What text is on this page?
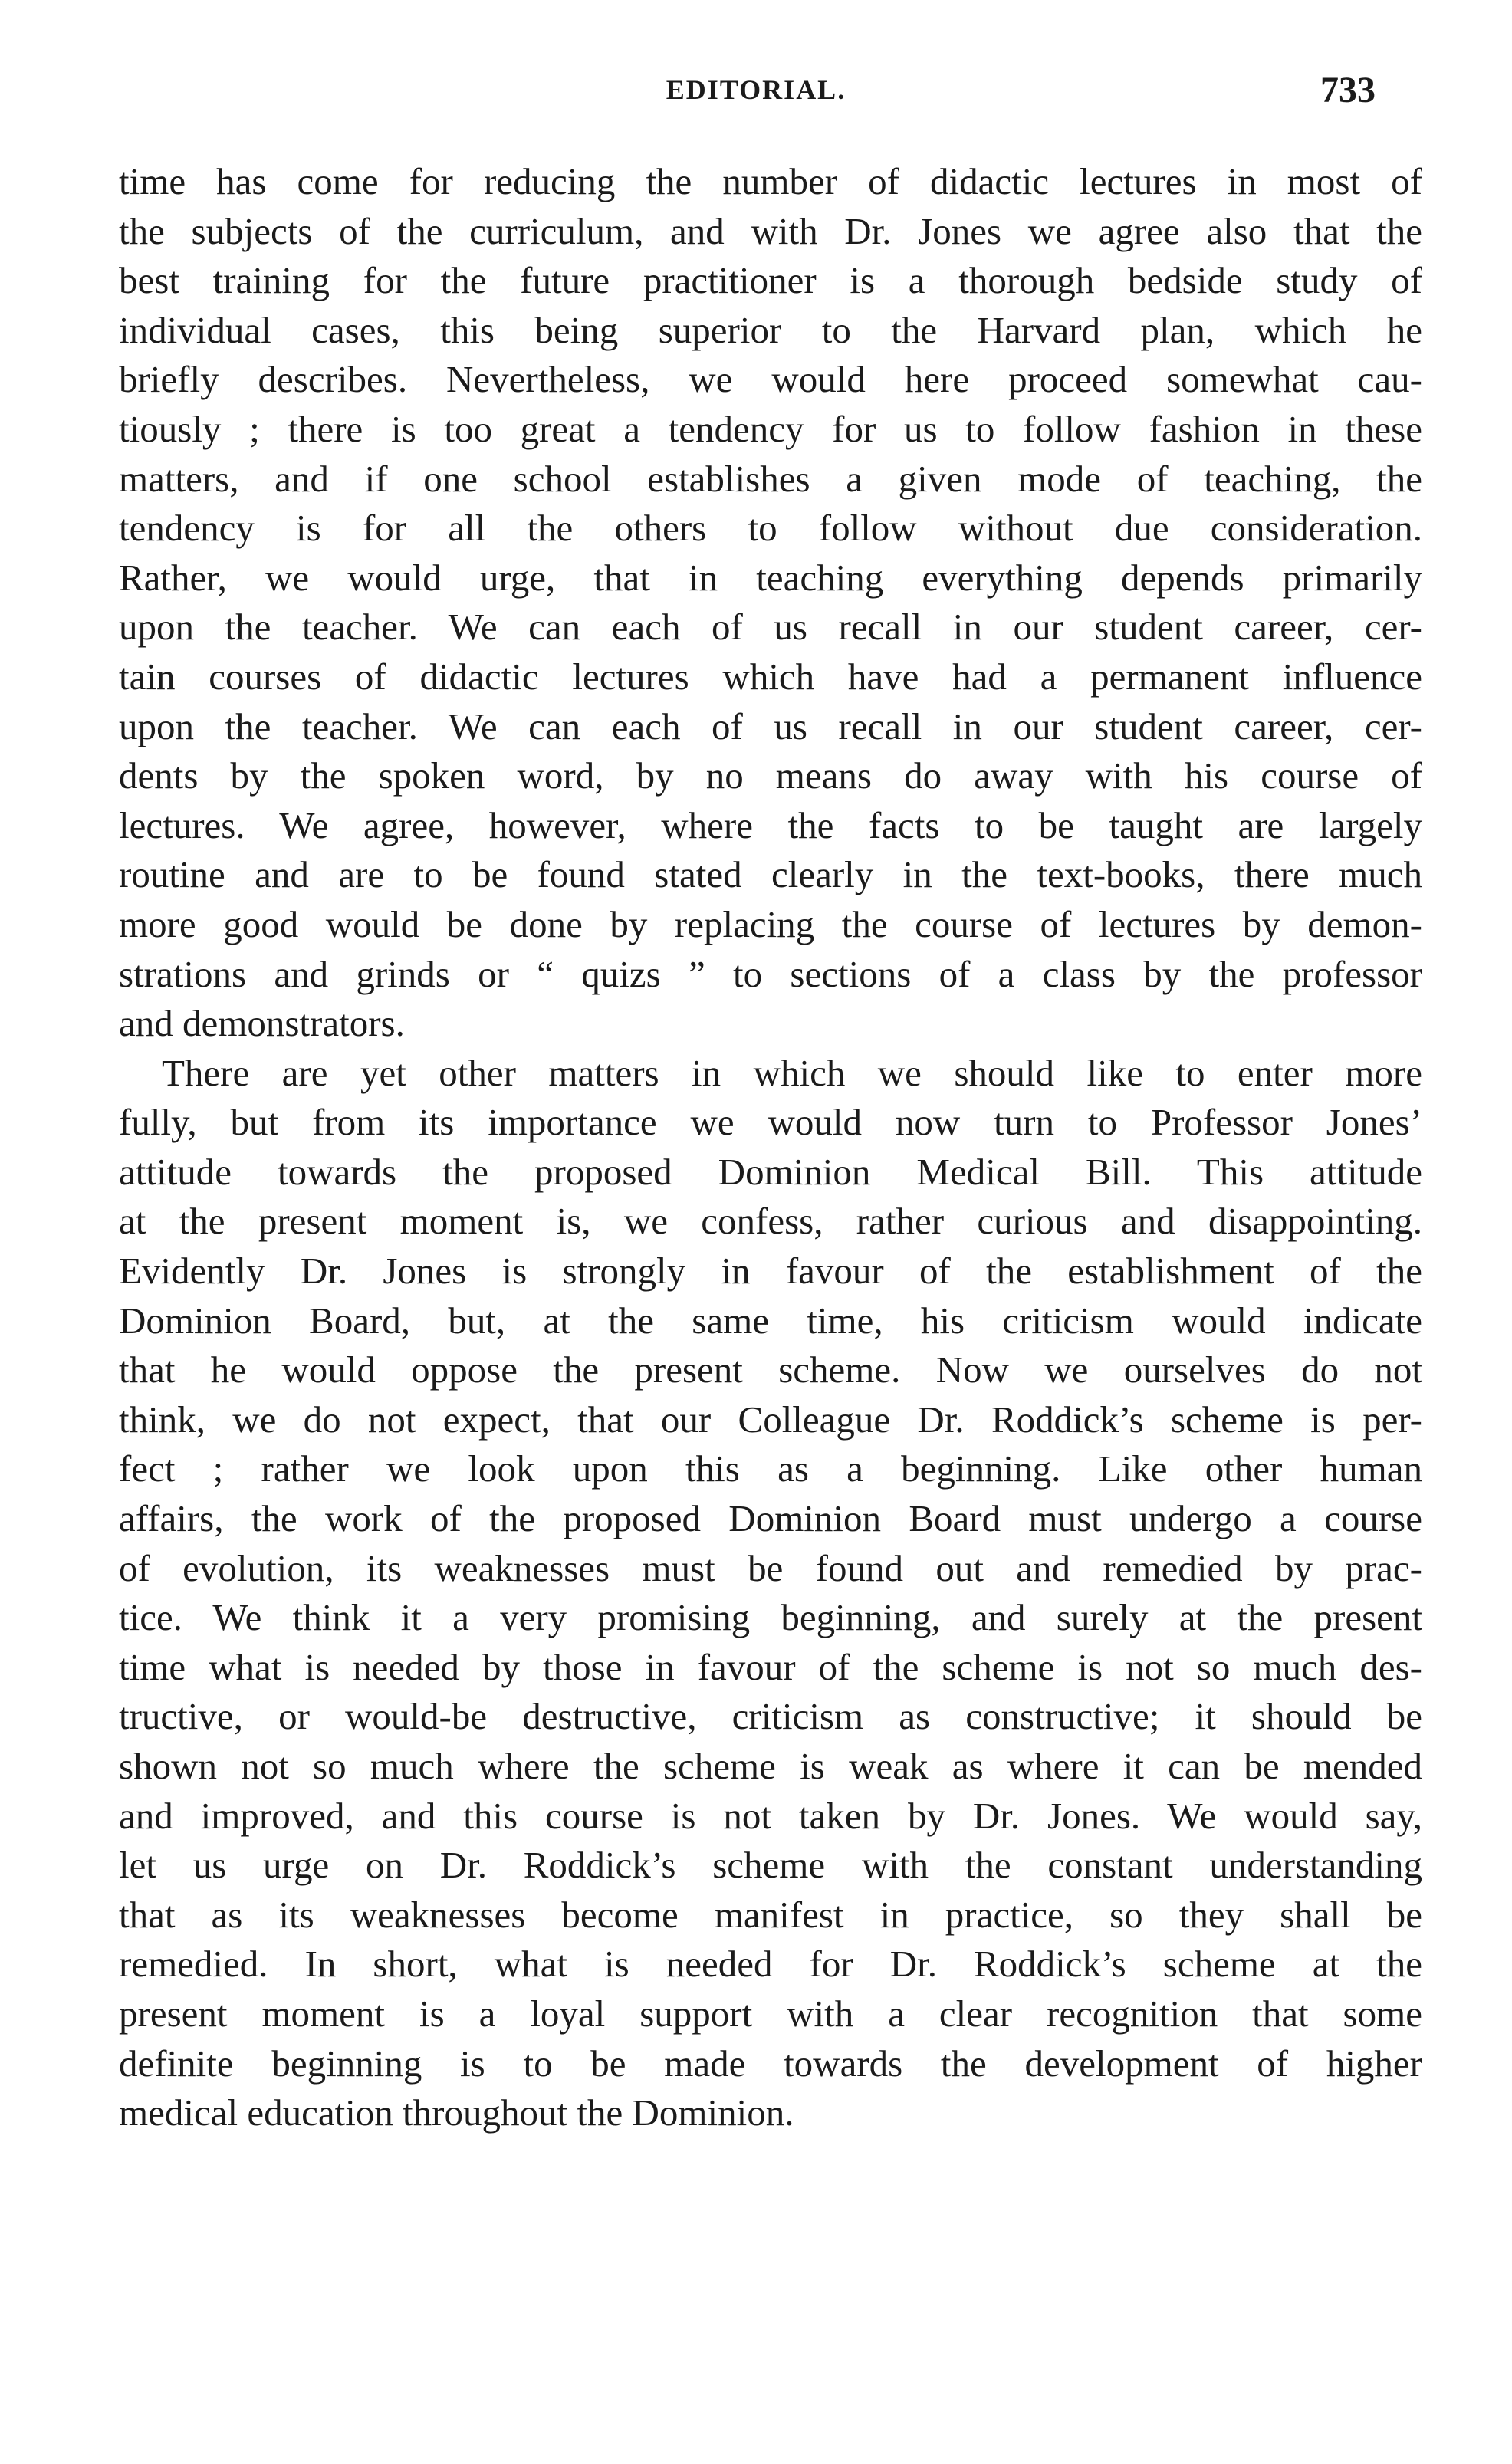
EDITORIAL.	733
time has come for reducing the number of didactic lectures in most of
the subjects of the curriculum, and with Dr. Jones we agree also that the
best training for the future practitioner is a thorough bedside study of
individual cases, this being superior to the Harvard plan, which he
briefly describes. Nevertheless, we would here proceed somewhat cau-
tiously ; there is too great a tendency for us to follow fashion in these
matters, and if one school establishes a given mode of teaching, the
tendency is for all the others to follow without due consideration.
Rather, we would urge, that in teaching everything depends primarily
upon the teacher. We can each of us recall in our student career, cer-
tain courses of didactic lectures which have had a permanent influence
upon the teacher. We can each of us recall in our student career, cer-
dents by the spoken word, by no means do away with his course of
lectures. We agree, however, where the facts to be taught are largely
routine and are to be found stated clearly in the text-books, there much
more good would be done by replacing the course of lectures by demon-
strations and grinds or “ quizs ” to sections of a class by the professor
and demonstrators.
There are yet other matters in which we should like to enter more
fully, but from its importance we would now turn to Professor Jones’
attitude towards the proposed Dominion Medical Bill. This attitude
at the present moment is, we confess, rather curious and disappointing.
Evidently Dr. Jones is strongly in favour of the establishment of the
Dominion Board, but, at the same time, his criticism would indicate
that he would oppose the present scheme. Now we ourselves do not
think, we do not expect, that our Colleague Dr. Roddick’s scheme is per-
fect ; rather we look upon this as a beginning. Like other human
affairs, the work of the proposed Dominion Board must undergo a course
of evolution, its weaknesses must be found out and remedied by prac-
tice. We think it a very promising beginning, and surely at the present
time what is needed by those in favour of the scheme is not so much des-
tructive, or would-be destructive, criticism as constructive; it should be
shown not so much where the scheme is weak as where it can be mended
and improved, and this course is not taken by Dr. Jones. We would say,
let us urge on Dr. Roddick’s scheme with the constant understanding
that as its weaknesses become manifest in practice, so they shall be
remedied. In short, what is needed for Dr. Roddick’s scheme at the
present moment is a loyal support with a clear recognition that some
definite beginning is to be made towards the development of higher
medical education throughout the Dominion.
